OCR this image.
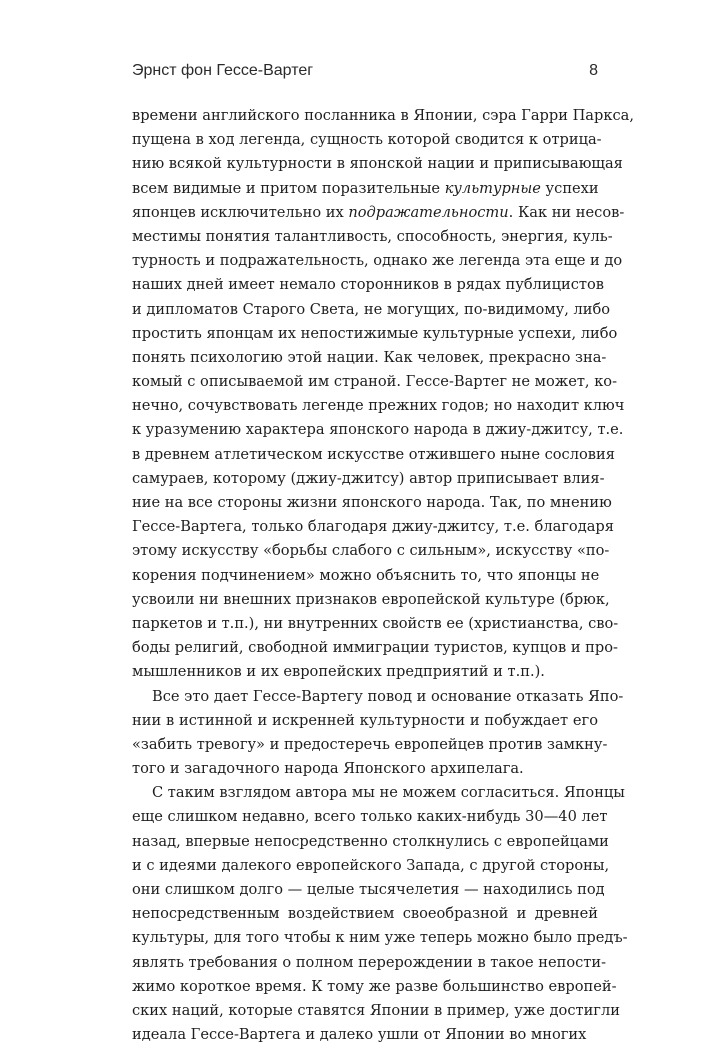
Эрнст фон Гессе-Вартег	8
времени английского посланника в Японии, сэра Гарри Паркса,
пущена в ход легенда, сущность которой сводится к отрица-
нию всякой культурности в японской нации и приписывающая
всем видимые и притом поразительные культурные успехи
японцев исключительно их подражательности. Как ни несов-
местимы понятия талантливость, способность, энергия, куль-
турность и подражательность, однако же легенда эта еще и до
наших дней имеет немало сторонников в рядах публицистов
и дипломатов Старого Света, не могущих, по-видимому, либо
простить японцам их непостижимые культурные успехи, либо
понять психологию этой нации. Как человек, прекрасно зна-
комый с описываемой им страной. Гессе-Вартег не может, ко-
нечно, сочувствовать легенде прежних годов; но находит ключ
к уразумению характера японского народа в джиу-джитсу, т.е.
в древнем атлетическом искусстве отжившего ныне сословия
самураев, которому (джиу-джитсу) автор приписывает влия-
ние на все стороны жизни японского народа. Так, по мнению
Гессе-Вартега, только благодаря джиу-джитсу, т.е. благодаря
этому искусству «борьбы слабого с сильным», искусству «по-
корения подчинением» можно объяснить то, что японцы не
усвоили ни внешних признаков европейской культуре (брюк,
паркетов и т.п.), ни внутренних свойств ее (христианства, сво-
боды религий, свободной иммиграции туристов, купцов и про-
мышленников и их европейских предприятий и т.п.).
Все это дает Гессе-Вартегу повод и основание отказать Япо-
нии в истинной и искренней культурности и побуждает его
«забить тревогу» и предостеречь европейцев против замкну-
того и загадочного народа Японского архипелага.
С таким взглядом автора мы не можем согласиться. Японцы
еще слишком недавно, всего только каких-нибудь 30—40 лет
назад, впервые непосредственно столкнулись с европейцами
и с идеями далекого европейского Запада, с другой стороны,
они слишком долго — целые тысячелетия — находились под
непосредственным воздействием своеобразной и древней
культуры, для того чтобы к ним уже теперь можно было предъ-
являть требования о полном перерождении в такое непости-
жимо короткое время. К тому же разве большинство европей-
ских наций, которые ставятся Японии в пример, уже достигли
идеала Гессе-Вартега и далеко ушли от Японии во многих
